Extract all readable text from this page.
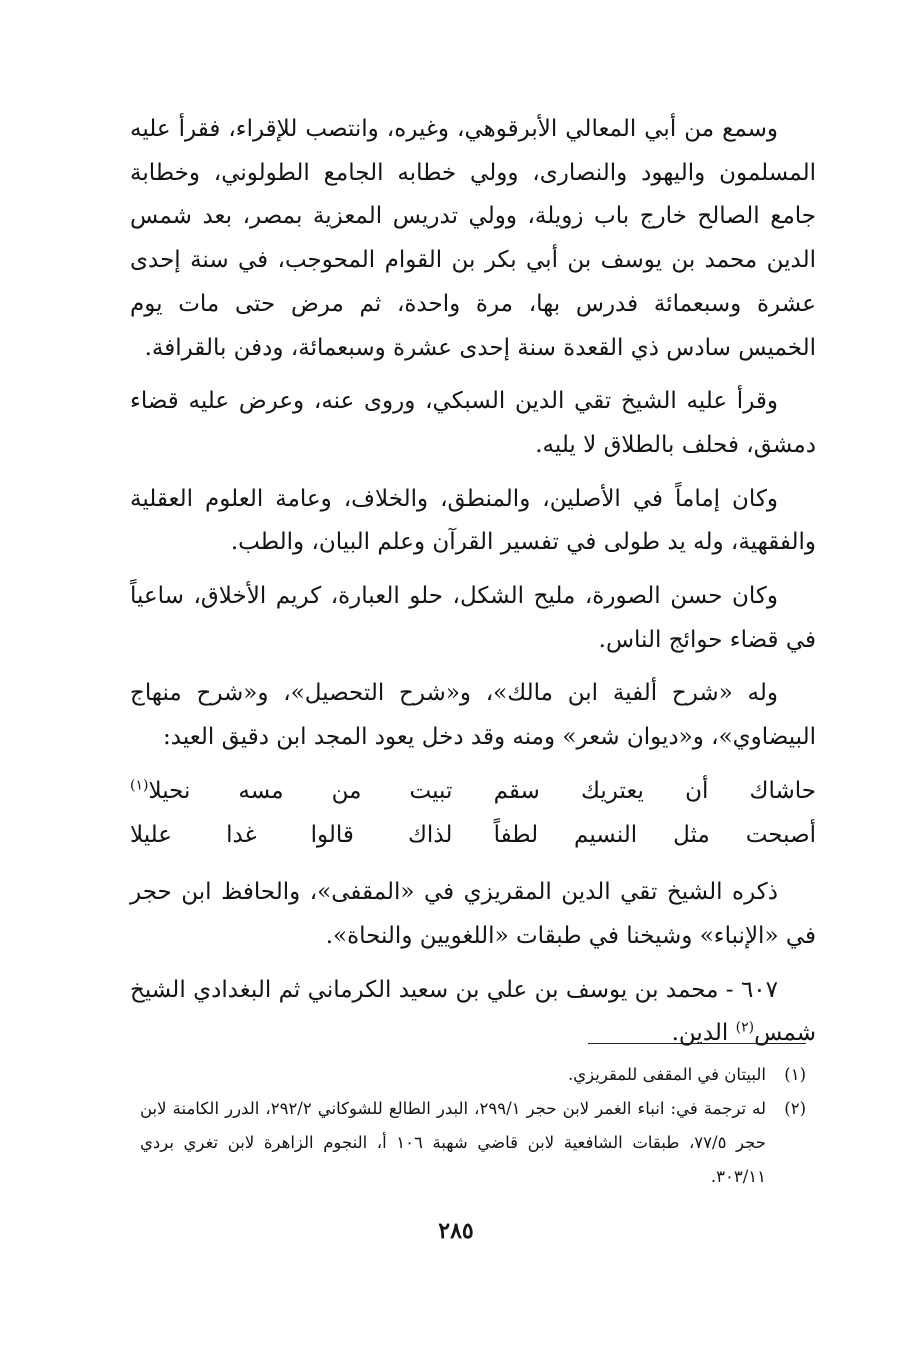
وسمع من أبي المعالي الأبرقوهي، وغيره، وانتصب للإقراء، فقرأ عليه المسلمون واليهود والنصارى، وولي خطابه الجامع الطولوني، وخطابة جامع الصالح خارج باب زويلة، وولي تدريس المعزية بمصر، بعد شمس الدين محمد بن يوسف بن أبي بكر بن القوام المحوجب، في سنة إحدى عشرة وسبعمائة فدرس بها، مرة واحدة، ثم مرض حتى مات يوم الخميس سادس ذي القعدة سنة إحدى عشرة وسبعمائة، ودفن بالقرافة.

وقرأ عليه الشيخ تقي الدين السبكي، وروى عنه، وعرض عليه قضاء دمشق، فحلف بالطلاق لا يليه.

وكان إماماً في الأصلين، والمنطق، والخلاف، وعامة العلوم العقلية والفقهية، وله يد طولى في تفسير القرآن وعلم البيان، والطب.

وكان حسن الصورة، مليح الشكل، حلو العبارة، كريم الأخلاق، ساعياً في قضاء حوائج الناس.

وله «شرح ألفية ابن مالك»، و«شرح التحصيل»، و«شرح منهاج البيضاوي»، و«ديوان شعر» ومنه وقد دخل يعود المجد ابن دقيق العيد:

حاشاك أن يعتريك سقم
تبيت من مسه نحيلا$^{(١)}$
أصبحت مثل النسيم لطفاً
لذاك قالوا غدا عليلا

ذكره الشيخ تقي الدين المقريزي في «المقفى»، والحافظ ابن حجر في «الإنباء» وشيخنا في طبقات «اللغويين والنحاة».

٦٠٧ - محمد بن يوسف بن علي بن سعيد الكرماني ثم البغدادي الشيخ شمس$^{(٢)}$ الدين.

(١)
البيتان في المقفى للمقريزي.
(٢)
له ترجمة في: انباء الغمر لابن حجر ٢٩٩/١، البدر الطالع للشوكاني ٢٩٢/٢، الدرر الكامنة لابن حجر ٧٧/٥، طبقات الشافعية لابن قاضي شهبة ١٠٦ أ، النجوم الزاهرة لابن تغري بردي ٣٠٣/١١.
٢٨٥
